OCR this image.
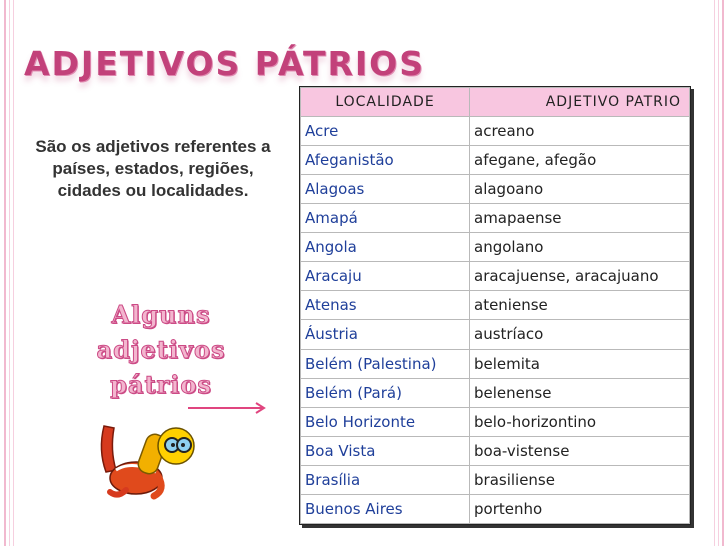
ADJETIVOS PÁTRIOS
São os adjetivos referentes a países, estados, regiões, cidades ou localidades.
Alguns
adjetivos
pátrios
LOCALIDADE	ADJETIVO PATRIO
Acre	acreano
Afeganistão	afegane, afegão
Alagoas	alagoano
Amapá	amapaense
Angola	angolano
Aracaju	aracajuense, aracajuano
Atenas	ateniense
Áustria	austríaco
Belém (Palestina)	belemita
Belém (Pará)	belenense
Belo Horizonte	belo-horizontino
Boa Vista	boa-vistense
Brasília	brasiliense
Buenos Aires	portenho
